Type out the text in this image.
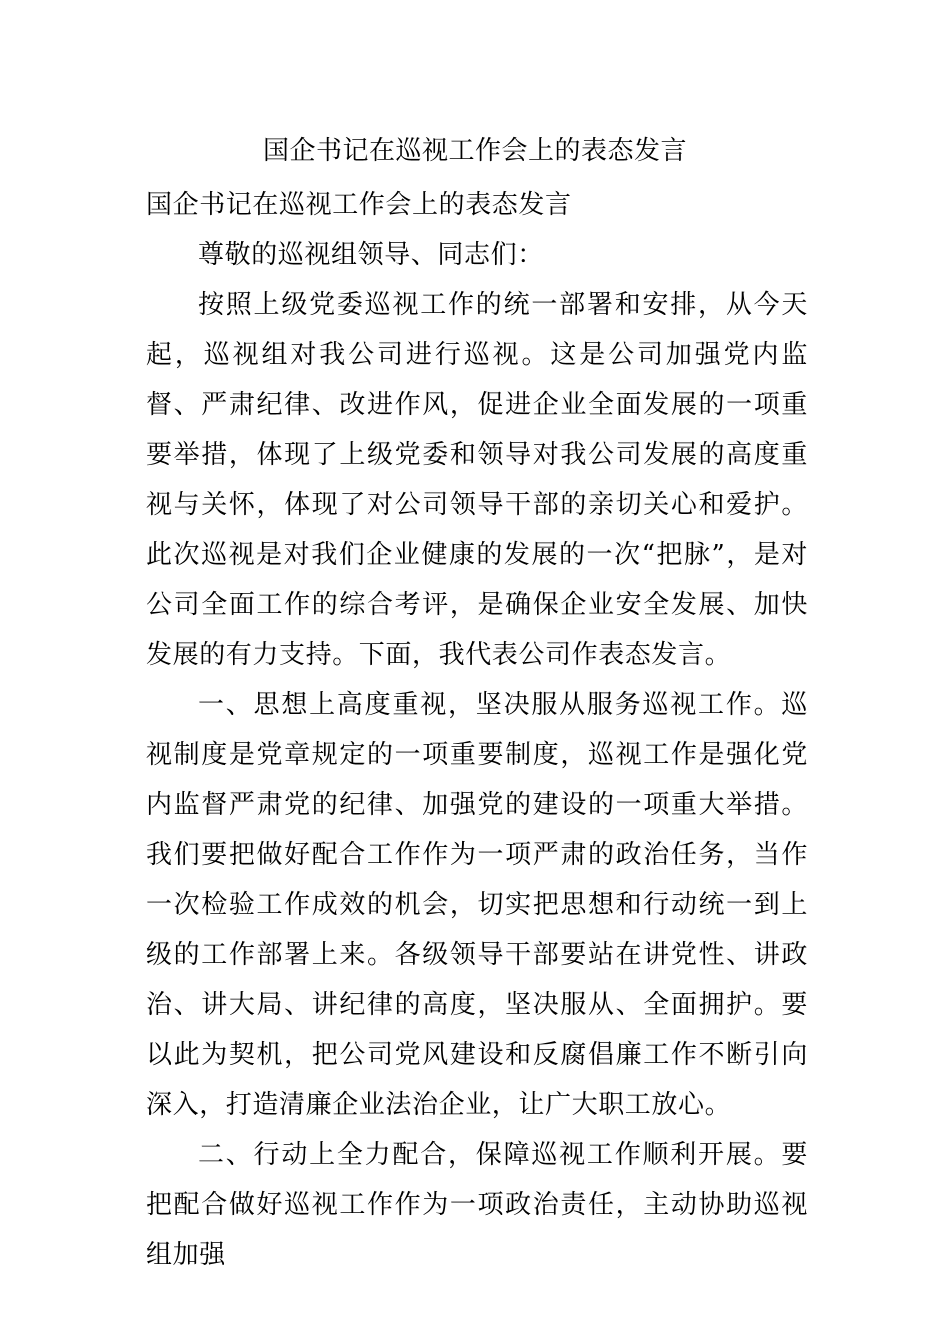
国企书记在巡视工作会上的表态发言

国企书记在巡视工作会上的表态发言

尊敬的巡视组领导、同志们：

按照上级党委巡视工作的统一部署和安排，从今天起，巡视组对我公司进行巡视。这是公司加强党内监督、严肃纪律、改进作风，促进企业全面发展的一项重要举措，体现了上级党委和领导对我公司发展的高度重视与关怀，体现了对公司领导干部的亲切关心和爱护。此次巡视是对我们企业健康的发展的一次“把脉”，是对公司全面工作的综合考评，是确保企业安全发展、加快发展的有力支持。下面，我代表公司作表态发言。

一、思想上高度重视，坚决服从服务巡视工作。巡视制度是党章规定的一项重要制度，巡视工作是强化党内监督严肃党的纪律、加强党的建设的一项重大举措。我们要把做好配合工作作为一项严肃的政治任务，当作一次检验工作成效的机会，切实把思想和行动统一到上级的工作部署上来。各级领导干部要站在讲党性、讲政治、讲大局、讲纪律的高度，坚决服从、全面拥护。要以此为契机，把公司党风建设和反腐倡廉工作不断引向深入，打造清廉企业法治企业，让广大职工放心。

二、行动上全力配合，保障巡视工作顺利开展。要把配合做好巡视工作作为一项政治责任，主动协助巡视组加强
